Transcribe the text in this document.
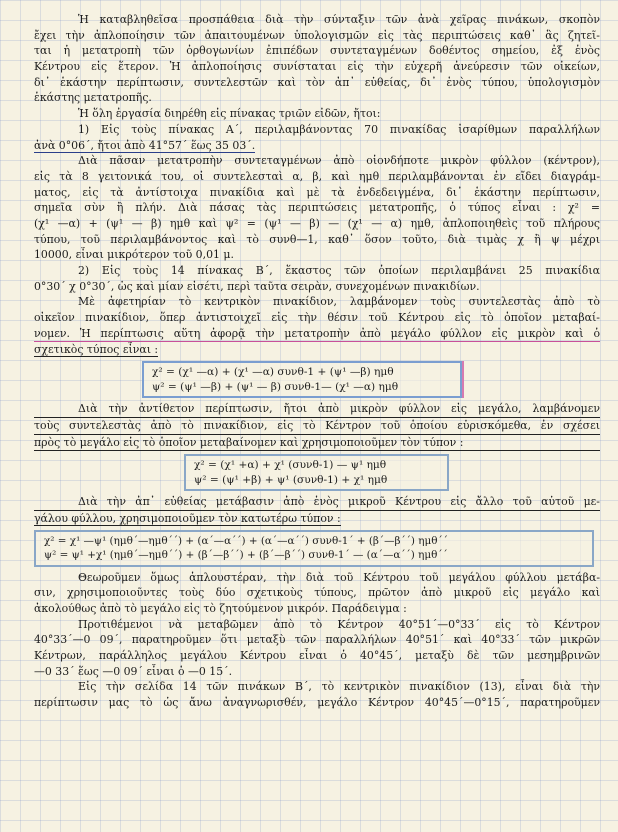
Ἡ καταβληθεῖσα προσπάθεια διὰ τὴν σύνταξιν τῶν ἀνὰ χεῖρας πινάκων, σκοπὸν
ἔχει τὴν ἀπλοποίησιν τῶν ἀπαιτουμένων ὑπολογισμῶν εἰς τὰς περιπτώσεις καθ᾽ ἃς ζητεῖ-
ται ἡ μετατροπὴ τῶν ὀρθογωνίων ἐπιπέδων συντεταγμένων δοθέντος σημείου, ἐξ ἑνὸς
Κέντρου εἰς ἕτερον. Ἡ ἀπλοποίησις συνίσταται εἰς τὴν εὐχερῆ ἀνεύρεσιν τῶν οἰκείων,
δι᾽ ἑκάστην περίπτωσιν, συντελεστῶν καὶ τὸν ἀπ᾽ εὐθείας, δι᾽ ἑνὸς τύπου, ὑπολογισμὸν
ἑκάστης μετατροπῆς.
Ἡ ὅλη ἐργασία διηρέθη εἰς πίνακας τριῶν εἰδῶν, ἤτοι:
1) Εἰς τοὺς πίνακας Α΄, περιλαμβάνοντας 70 πινακίδας ἰσαρίθμων παραλλήλων
ἀνὰ 0°06΄, ἤτοι ἀπὸ 41°57΄ ἕως 35 03΄.
Διὰ πᾶσαν μετατροπὴν συντεταγμένων ἀπὸ οἱονδήποτε μικρὸν φύλλον (κέντρον),
εἰς τὰ 8 γειτονικά του, οἱ συντελεσταὶ α, β, καὶ ημθ περιλαμβάνονται ἐν εἴδει διαγράμ-
ματος, εἰς τὰ ἀντίστοιχα πινακίδια καὶ μὲ τὰ ἐνδεδειγμένα, δι᾽ ἑκάστην περίπτωσιν,
σημεῖα σὺν ἢ πλήν. Διὰ πάσας τὰς περιπτώσεις μετατροπῆς, ὁ τύπος εἶναι : χ² =
(χ¹ —α) + (ψ¹ — β) ημθ καὶ ψ² = (ψ¹ — β) — (χ¹ — α) ημθ, ἀπλοποιηθεὶς τοῦ πλήρους
τύπου, τοῦ περιλαμβάνοντος καὶ τὸ συνθ—1, καθ᾽ ὅσον τοῦτο, διὰ τιμὰς χ ἢ ψ μέχρι
10000, εἶναι μικρότερον τοῦ 0,01 μ.
2) Εἰς τοὺς 14 πίνακας Β΄, ἕκαστος τῶν ὁποίων περιλαμβάνει 25 πινακίδια
0°30΄ χ 0°30΄, ὡς καὶ μίαν εἰσέτι, περὶ ταῦτα σειρὰν, συνεχομένων πινακιδίων.
Μὲ ἀφετηρίαν τὸ κεντρικὸν πινακίδιον, λαμβάνομεν τοὺς συντελεστὰς ἀπὸ τὸ
οἰκεῖον πινακίδιον, ὅπερ ἀντιστοιχεῖ εἰς τὴν θέσιν τοῦ Κέντρου εἰς τὸ ὁποῖον μεταβαί-
νομεν. Ἡ περίπτωσις αὕτη ἀφορᾷ τὴν μετατροπὴν ἀπὸ μεγάλο φύλλον εἰς μικρὸν καὶ ὁ
σχετικὸς τύπος εἶναι :
χ² = (χ¹ —α) + (χ¹ —α) συνθ-1 + (ψ¹ —β) ημθ
ψ² = (ψ¹ —β) + (ψ¹ — β) συνθ-1— (χ¹ —α) ημθ
Διὰ τὴν ἀντίθετον περίπτωσιν, ἤτοι ἀπὸ μικρὸν φύλλον εἰς μεγάλο, λαμβάνομεν
τοὺς συντελεστὰς ἀπὸ τὸ πινακίδιον, εἰς τὸ Κέντρον τοῦ ὁποίου εὑρισκόμεθα, ἐν σχέσει
πρὸς τὸ μεγάλο εἰς τὸ ὁποῖον μεταβαίνομεν καὶ χρησιμοποιοῦμεν τὸν τύπον :
χ² = (χ¹ +α) + χ¹ (συνθ-1) — ψ¹ ημθ
ψ² = (ψ¹ +β) + ψ¹ (συνθ-1) + χ¹ ημθ
Διὰ τὴν ἀπ᾽ εὐθείας μετάβασιν ἀπὸ ἑνὸς μικροῦ Κέντρου εἰς ἄλλο τοῦ αὐτοῦ με-
γάλου φύλλου, χρησιμοποιοῦμεν τὸν κατωτέρω τύπον :
χ² = χ¹ —ψ¹ (ημθ΄—ημθ΄΄) + (α΄—α΄΄) + (α΄—α΄΄) συνθ-1΄ + (β΄—β΄΄) ημθ΄΄
ψ² = ψ¹ +χ¹ (ημθ΄—ημθ΄΄) + (β΄—β΄΄) + (β΄—β΄΄) συνθ-1΄ — (α΄—α΄΄) ημθ΄΄
Θεωροῦμεν ὅμως ἁπλουστέραν, τὴν διὰ τοῦ Κέντρου τοῦ μεγάλου φύλλου μετάβα-
σιν, χρησιμοποιοῦντες τοὺς δύο σχετικοὺς τύπους, πρῶτον ἀπὸ μικροῦ εἰς μεγάλο καὶ
ἀκολούθως ἀπὸ τὸ μεγάλο εἰς τὸ ζητούμενον μικρόν. Παράδειγμα :
Προτιθέμενοι νὰ μεταβῶμεν ἀπὸ τὸ Κέντρον 40°51΄—0°33΄ εἰς τὸ Κέντρον
40°33΄—0 09΄, παρατηροῦμεν ὅτι μεταξὺ τῶν παραλλήλων 40°51΄ καὶ 40°33΄ τῶν μικρῶν
Κέντρων, παράλληλος μεγάλου Κέντρου εἶναι ὁ 40°45΄, μεταξὺ δὲ τῶν μεσημβρινῶν
—0 33΄ ἕως —0 09΄ εἶναι ὁ —0 15΄.
Εἰς τὴν σελίδα 14 τῶν πινάκων Β΄, τὸ κεντρικὸν πινακίδιον (13), εἶναι διὰ τὴν
περίπτωσιν μας τὸ ὡς ἄνω ἀναγνωρισθέν, μεγάλο Κέντρον 40°45΄—0°15΄, παρατηροῦμεν
